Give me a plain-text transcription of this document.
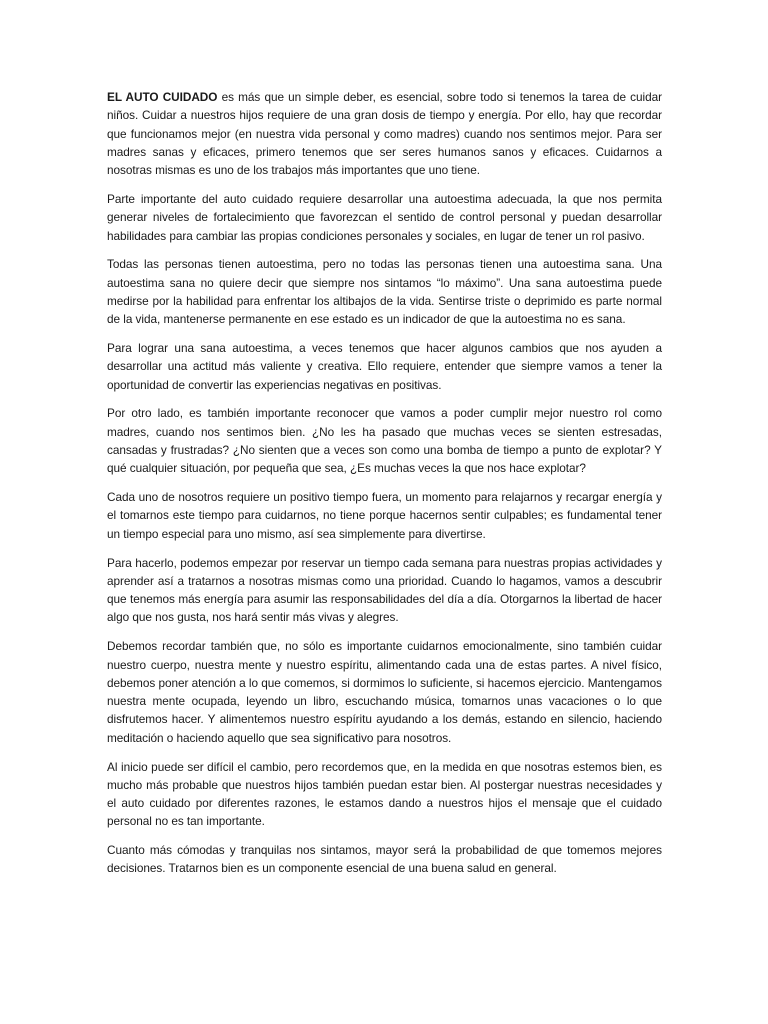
EL AUTO CUIDADO es más que un simple deber, es esencial, sobre todo si tenemos la tarea de cuidar niños. Cuidar a nuestros hijos requiere de una gran dosis de tiempo y energía. Por ello, hay que recordar que funcionamos mejor (en nuestra vida personal y como madres) cuando nos sentimos mejor. Para ser madres sanas y eficaces, primero tenemos que ser seres humanos sanos y eficaces. Cuidarnos a nosotras mismas es uno de los trabajos más importantes que uno tiene.

Parte importante del auto cuidado requiere desarrollar una autoestima adecuada, la que nos permita generar niveles de fortalecimiento que favorezcan el sentido de control personal y puedan desarrollar habilidades para cambiar las propias condiciones personales y sociales, en lugar de tener un rol pasivo.

Todas las personas tienen autoestima, pero no todas las personas tienen una autoestima sana. Una autoestima sana no quiere decir que siempre nos sintamos “lo máximo”. Una sana autoestima puede medirse por la habilidad para enfrentar los altibajos de la vida. Sentirse triste o deprimido es parte normal de la vida, mantenerse permanente en ese estado es un indicador de que la autoestima no es sana.

Para lograr una sana autoestima, a veces tenemos que hacer algunos cambios que nos ayuden a desarrollar una actitud más valiente y creativa. Ello requiere, entender que siempre vamos a tener la oportunidad de convertir las experiencias negativas en positivas.

Por otro lado, es también importante reconocer que vamos a poder cumplir mejor nuestro rol como madres, cuando nos sentimos bien. ¿No les ha pasado que muchas veces se sienten estresadas, cansadas y frustradas? ¿No sienten que a veces son como una bomba de tiempo a punto de explotar? Y qué cualquier situación, por pequeña que sea, ¿Es muchas veces la que nos hace explotar?

Cada uno de nosotros requiere un positivo tiempo fuera, un momento para relajarnos y recargar energía y el tomarnos este tiempo para cuidarnos, no tiene porque hacernos sentir culpables; es fundamental tener un tiempo especial para uno mismo, así sea simplemente para divertirse.

Para hacerlo, podemos empezar por reservar un tiempo cada semana para nuestras propias actividades y aprender así a tratarnos a nosotras mismas como una prioridad. Cuando lo hagamos, vamos a descubrir que tenemos más energía para asumir las responsabilidades del día a día. Otorgarnos la libertad de hacer algo que nos gusta, nos hará sentir más vivas y alegres.

Debemos recordar también que, no sólo es importante cuidarnos emocionalmente, sino también cuidar nuestro cuerpo, nuestra mente y nuestro espíritu, alimentando cada una de estas partes. A nivel físico, debemos poner atención a lo que comemos, si dormimos lo suficiente, si hacemos ejercicio. Mantengamos nuestra mente ocupada, leyendo un libro, escuchando música, tomarnos unas vacaciones o lo que disfrutemos hacer. Y alimentemos nuestro espíritu ayudando a los demás, estando en silencio, haciendo meditación o haciendo aquello que sea significativo para nosotros.

Al inicio puede ser difícil el cambio, pero recordemos que, en la medida en que nosotras estemos bien, es mucho más probable que nuestros hijos también puedan estar bien. Al postergar nuestras necesidades y el auto cuidado por diferentes razones, le estamos dando a nuestros hijos el mensaje que el cuidado personal no es tan importante.

Cuanto más cómodas y tranquilas nos sintamos, mayor será la probabilidad de que tomemos mejores decisiones. Tratarnos bien es un componente esencial de una buena salud en general.
